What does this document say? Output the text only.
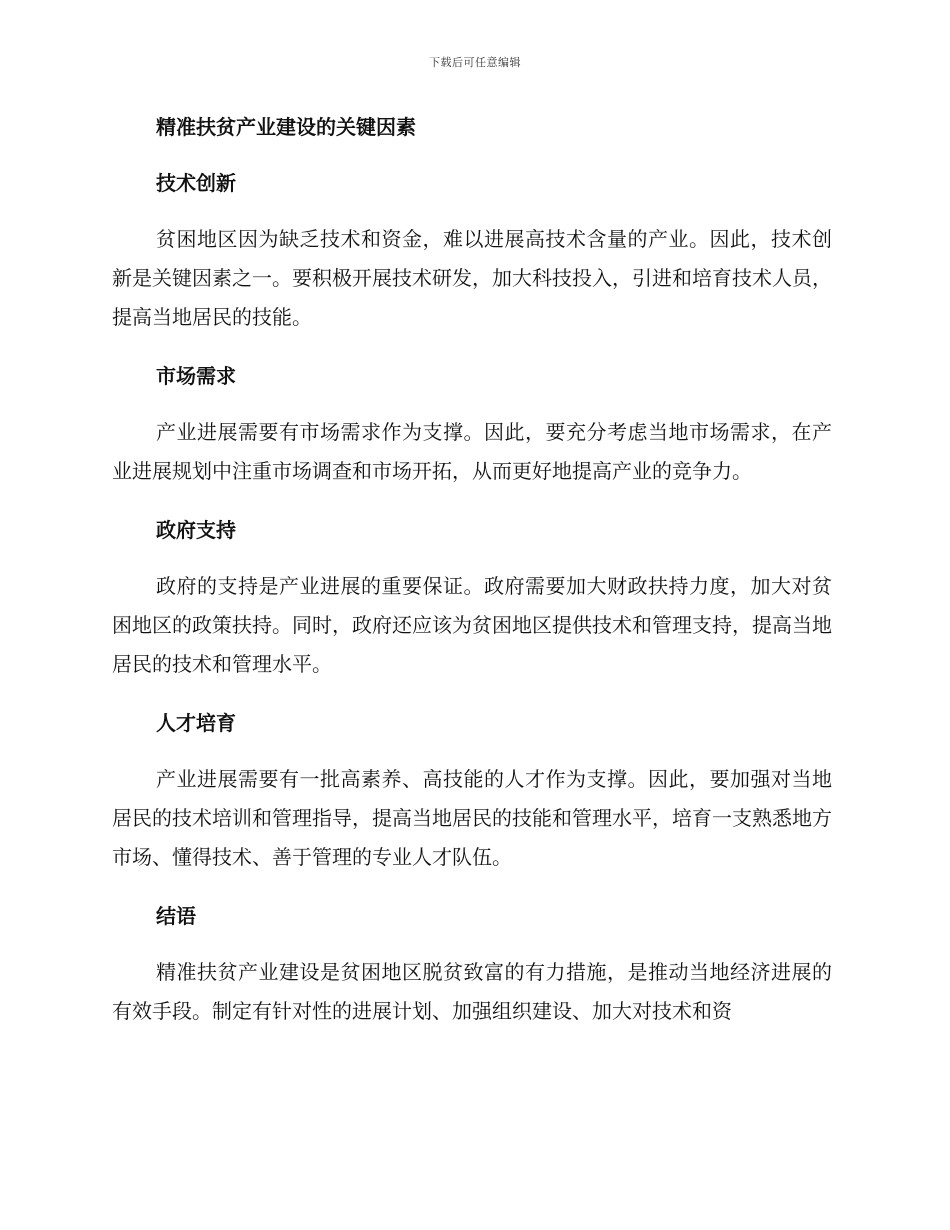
下载后可任意编辑
精准扶贫产业建设的关键因素
技术创新

贫困地区因为缺乏技术和资金，难以进展高技术含量的产业。因此，技术创新是关键因素之一。要积极开展技术研发，加大科技投入，引进和培育技术人员，提高当地居民的技能。

市场需求

产业进展需要有市场需求作为支撑。因此，要充分考虑当地市场需求，在产业进展规划中注重市场调查和市场开拓，从而更好地提高产业的竞争力。

政府支持

政府的支持是产业进展的重要保证。政府需要加大财政扶持力度，加大对贫困地区的政策扶持。同时，政府还应该为贫困地区提供技术和管理支持，提高当地居民的技术和管理水平。

人才培育

产业进展需要有一批高素养、高技能的人才作为支撑。因此，要加强对当地居民的技术培训和管理指导，提高当地居民的技能和管理水平，培育一支熟悉地方市场、懂得技术、善于管理的专业人才队伍。

结语

精准扶贫产业建设是贫困地区脱贫致富的有力措施，是推动当地经济进展的有效手段。制定有针对性的进展计划、加强组织建设、加大对技术和资
